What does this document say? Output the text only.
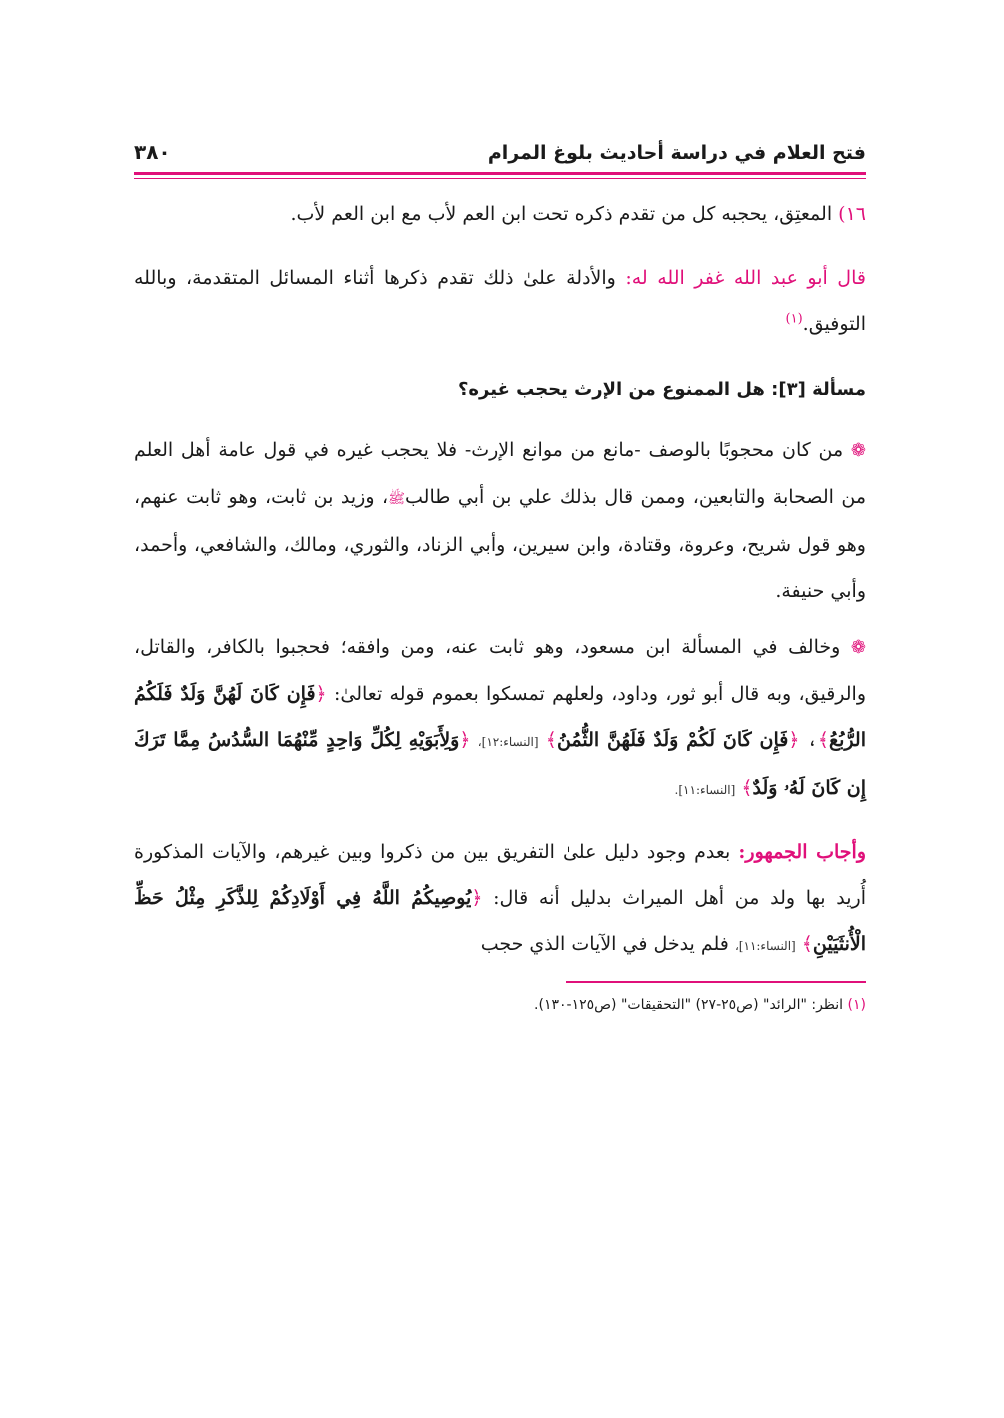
فتح العلام في دراسة أحاديث بلوغ المرام
٣٨٠
١٦) المعتِق، يحجبه كل من تقدم ذكره تحت ابن العم لأب مع ابن العم لأب.
قال أبو عبد الله غفر الله له: والأدلة علىٰ ذلك تقدم ذكرها أثناء المسائل المتقدمة، وبالله التوفيق.$^{(١)}$
مسألة [٣]: هل الممنوع من الإرث يحجب غيره؟
❁ من كان محجوبًا بالوصف -مانع من موانع الإرث- فلا يحجب غيره في قول عامة أهل العلم من الصحابة والتابعين، وممن قال بذلك علي بن أبي طالبﷺ، وزيد بن ثابت، وهو ثابت عنهم، وهو قول شريح، وعروة، وقتادة، وابن سيرين، وأبي الزناد، والثوري، ومالك، والشافعي، وأحمد، وأبي حنيفة.
❁ وخالف في المسألة ابن مسعود، وهو ثابت عنه، ومن وافقه؛ فحجبوا بالكافر، والقاتل، والرقيق، وبه قال أبو ثور، وداود، ولعلهم تمسكوا بعموم قوله تعالىٰ: ﴿فَإِن كَانَ لَهُنَّ وَلَدٌ فَلَكُمُ الرُّبُعُ﴾، ﴿فَإِن كَانَ لَكُمْ وَلَدٌ فَلَهُنَّ الثُّمُنُ﴾ [النساء:١٢]، ﴿وَلِأَبَوَيْهِ لِكُلِّ وَاحِدٍ مِّنْهُمَا السُّدُسُ مِمَّا تَرَكَ إِن كَانَ لَهُۥ وَلَدٌ﴾ [النساء:١١].
وأجاب الجمهور: بعدم وجود دليل علىٰ التفريق بين من ذكروا وبين غيرهم، والآيات المذكورة أُريد بها ولد من أهل الميراث بدليل أنه قال: ﴿يُوصِيكُمُ اللَّهُ فِي أَوْلَادِكُمْ لِلذَّكَرِ مِثْلُ حَظِّ الْأُنثَيَيْنِ﴾ [النساء:١١]، فلم يدخل في الآيات الذي حجب
(١) انظر: "الرائد" (ص٢٥-٢٧) "التحقيقات" (ص١٢٥-١٣٠).
